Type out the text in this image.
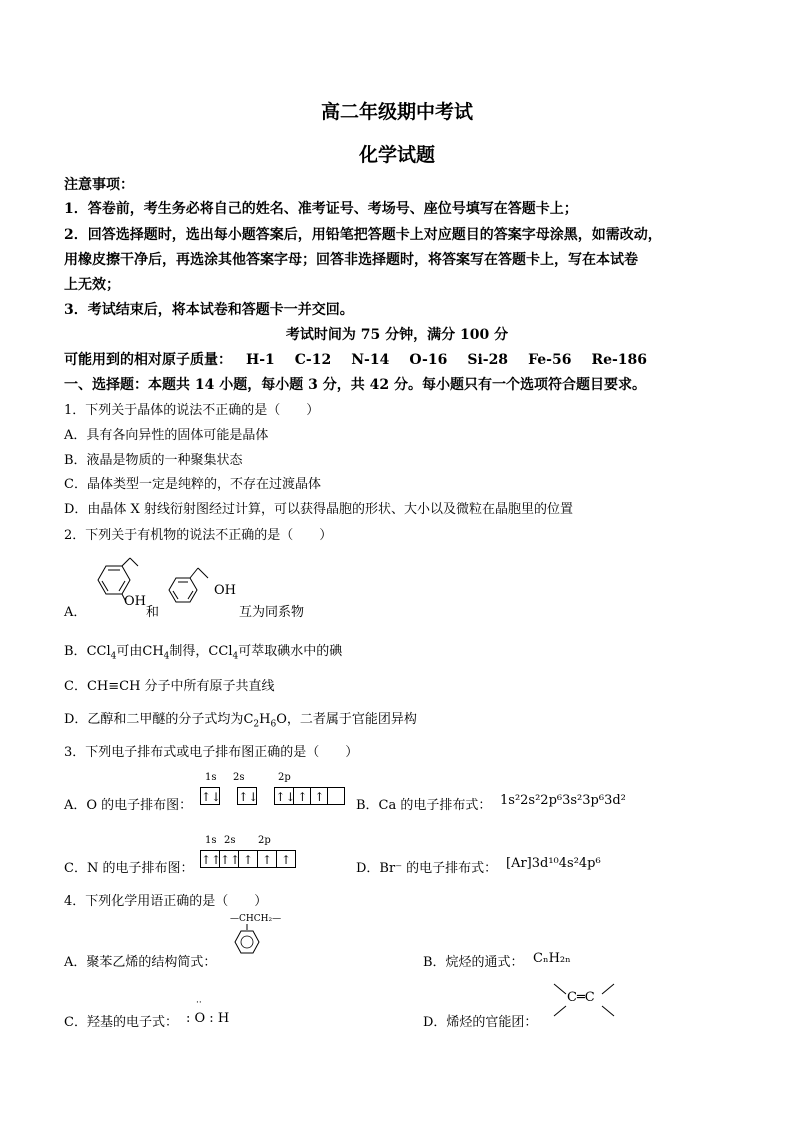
高二年级期中考试
化学试题
注意事项：
1．答卷前，考生务必将自己的姓名、准考证号、考场号、座位号填写在答题卡上；
2．回答选择题时，选出每小题答案后，用铅笔把答题卡上对应题目的答案字母涂黑，如需改动，
用橡皮擦干净后，再选涂其他答案字母；回答非选择题时，将答案写在答题卡上，写在本试卷
上无效；
3．考试结束后，将本试卷和答题卡一并交回。
考试时间为 75 分钟，满分 100 分
可能用到的相对原子质量： H-1 C-12 N-14 O-16 Si-28 Fe-56 Re-186
一、选择题：本题共 14 小题，每小题 3 分，共 42 分。每小题只有一个选项符合题目要求。
1．下列关于晶体的说法不正确的是（　　）
A．具有各向异性的固体可能是晶体
B．液晶是物质的一种聚集状态
C．晶体类型一定是纯粹的，不存在过渡晶体
D．由晶体 X 射线衍射图经过计算，可以获得晶胞的形状、大小以及微粒在晶胞里的位置
2．下列关于有机物的说法不正确的是（　　）
A．
OH
和
OH
互为同系物
B．CCl$_4$可由$CH_4$制得，CCl$_4$可萃取碘水中的碘
C．CH≡CH 分子中所有原子共直线
D．乙醇和二甲醚的分子式均为$C_2H_6O$，二者属于官能团异构
3．下列电子排布式或电子排布图正确的是（　　）
A．O 的电子排布图：
1s 2s	2p
↑↓ ↑↓ ↑↓ ↑ ↑
B．Ca 的电子排布式： 1s²2s²2p⁶3s²3p⁶3d²
C．N 的电子排布图：
1s 2s 2p
↑↑↑↑ ↑ ↑ ↑
D．Br⁻ 的电子排布式： [Ar]3d¹⁰4s²4p⁶
4．下列化学用语正确的是（　　）
A．聚苯乙烯的结构简式：
—CHCH₂—
B．烷烃的通式： CₙH₂ₙ
C．羟基的电子式：
··
: O : H	D．烯烃的官能团：
C═C
